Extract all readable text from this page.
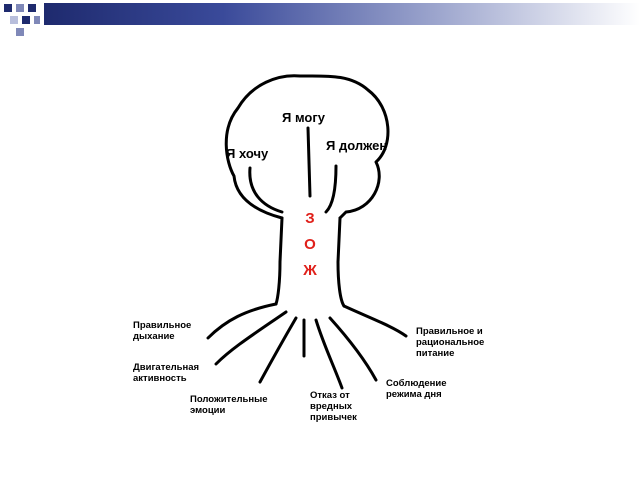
Я могу
Я хочу
Я должен
З
О
Ж
Правильное
дыхание
Двигательная
активность
Положительные
эмоции
Отказ от
вредных
привычек
Соблюдение
режима дня
Правильное и
рациональное
питание
